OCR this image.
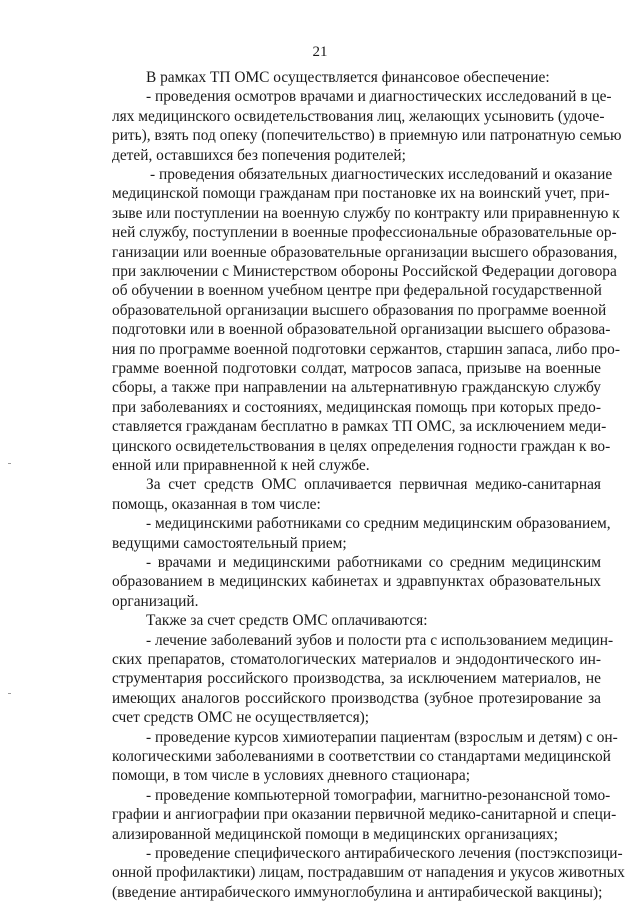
21
В рамках ТП ОМС осуществляется финансовое обеспечение:
- проведения осмотров врачами и диагностических исследований в це-
лях медицинского освидетельствования лиц, желающих усыновить (удоче-
рить), взять под опеку (попечительство) в приемную или патронатную семью
детей, оставшихся без попечения родителей;
- проведения обязательных диагностических исследований и оказание
медицинской помощи гражданам при постановке их на воинский учет, при-
зыве или поступлении на военную службу по контракту или приравненную к
ней службу, поступлении в военные профессиональные образовательные ор-
ганизации или военные образовательные организации высшего образования,
при заключении с Министерством обороны Российской Федерации договора
об обучении в военном учебном центре при федеральной государственной
образовательной организации высшего образования по программе военной
подготовки или в военной образовательной организации высшего образова-
ния по программе военной подготовки сержантов, старшин запаса, либо про-
грамме военной подготовки солдат, матросов запаса, призыве на военные
сборы, а также при направлении на альтернативную гражданскую службу
при заболеваниях и состояниях, медицинская помощь при которых предо-
ставляется гражданам бесплатно в рамках ТП ОМС, за исключением меди-
цинского освидетельствования в целях определения годности граждан к во-
енной или приравненной к ней службе.
За счет средств ОМС оплачивается первичная медико-санитарная
помощь, оказанная в том числе:
- медицинскими работниками со средним медицинским образованием,
ведущими самостоятельный прием;
- врачами и медицинскими работниками со средним медицинским
образованием в медицинских кабинетах и здравпунктах образовательных
организаций.
Также за счет средств ОМС оплачиваются:
- лечение заболеваний зубов и полости рта с использованием медицин-
ских препаратов, стоматологических материалов и эндодонтического ин-
струментария российского производства, за исключением материалов, не
имеющих аналогов российского производства (зубное протезирование за
счет средств ОМС не осуществляется);
- проведение курсов химиотерапии пациентам (взрослым и детям) с он-
кологическими заболеваниями в соответствии со стандартами медицинской
помощи, в том числе в условиях дневного стационара;
- проведение компьютерной томографии, магнитно-резонансной томо-
графии и ангиографии при оказании первичной медико-санитарной и специ-
ализированной медицинской помощи в медицинских организациях;
- проведение специфического антирабического лечения (постэкспозици-
онной профилактики) лицам, пострадавшим от нападения и укусов животных
(введение антирабического иммуноглобулина и антирабической вакцины);
